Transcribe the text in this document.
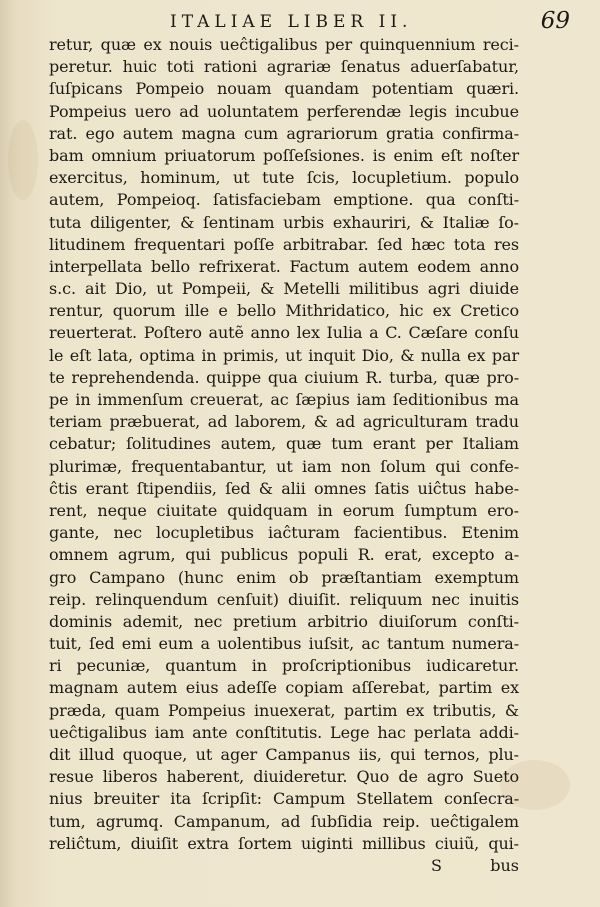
ITALIAE LIBER II.	69
retur, quæ ex nouis ueĉtigalibus per quinquennium reci-
peretur. huic toti rationi agrariæ ſenatus aduerſabatur,
ſuſpicans Pompeio nouam quandam potentiam quæri.
Pompeius uero ad uoluntatem perferendæ legis incubue
rat. ego autem magna cum agrariorum gratia confirma-
bam omnium priuatorum poſſeſsiones. is enim eſt noſter
exercitus, hominum, ut tute ſcis, locupletium. populo
autem, Pompeioq. ſatisfaciebam emptione. qua conſti-
tuta diligenter, & ſentinam urbis exhauriri, & Italiæ ſo-
litudinem frequentari poſſe arbitrabar. ſed hæc tota res
interpellata bello refrixerat. Factum autem eodem anno
s.c. ait Dio, ut Pompeii, & Metelli militibus agri diuide
rentur, quorum ille e bello Mithridatico, hic ex Cretico
reuerterat. Poſtero autẽ anno lex Iulia a C. Cæſare conſu
le eſt lata, optima in primis, ut inquit Dio, & nulla ex par
te reprehendenda. quippe qua ciuium R. turba, quæ pro-
pe in immenſum creuerat, ac ſæpius iam ſeditionibus ma
teriam præbuerat, ad laborem, & ad agriculturam tradu
cebatur; ſolitudines autem, quæ tum erant per Italiam
plurimæ, frequentabantur, ut iam non ſolum qui confe-
ĉtis erant ſtipendiis, ſed & alii omnes ſatis uiĉtus habe-
rent, neque ciuitate quidquam in eorum ſumptum ero-
gante, nec locupletibus iaĉturam facientibus. Etenim
omnem agrum, qui publicus populi R. erat, excepto a-
gro Campano (hunc enim ob præſtantiam exemptum
reip. relinquendum cenſuit) diuiſit. reliquum nec inuitis
dominis ademit, nec pretium arbitrio diuiſorum conſti-
tuit, ſed emi eum a uolentibus iuſsit, ac tantum numera-
ri pecuniæ, quantum in proſcriptionibus iudicaretur.
magnam autem eius adeſſe copiam aſſerebat, partim ex
præda, quam Pompeius inuexerat, partim ex tributis, &
ueĉtigalibus iam ante conſtitutis. Lege hac perlata addi-
dit illud quoque, ut ager Campanus iis, qui ternos, plu-
resue liberos haberent, diuideretur. Quo de agro Sueto
nius breuiter ita ſcripſit: Campum Stellatem conſecra-
tum, agrumq. Campanum, ad ſubſidia reip. ueĉtigalem
reliĉtum, diuiſit extra ſortem uiginti millibus ciuiũ, qui-
S	bus
